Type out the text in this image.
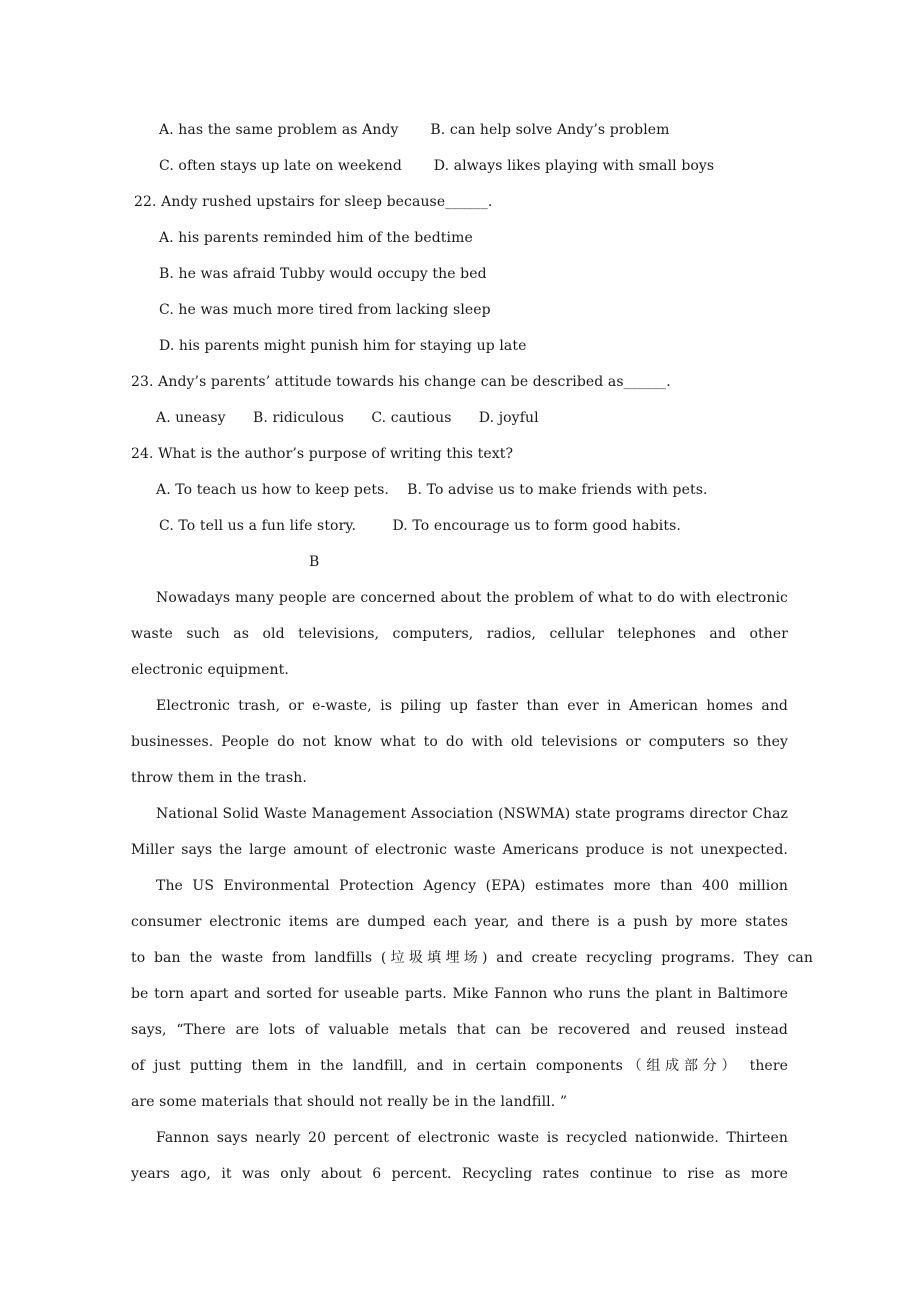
A. has the same problem as Andy       B. can help solve Andy’s problem
C. often stays up late on weekend       D. always likes playing with small boys
22. Andy rushed upstairs for sleep because______.
A. his parents reminded him of the bedtime
B. he was afraid Tubby would occupy the bed
C. he was much more tired from lacking sleep
D. his parents might punish him for staying up late
23. Andy’s parents’ attitude towards his change can be described as______.
A. uneasy      B. ridiculous      C. cautious      D. joyful
24. What is the author’s purpose of writing this text?
A. To teach us how to keep pets.    B. To advise us to make friends with pets.
C. To tell us a fun life story.        D. To encourage us to form good habits.
B
Nowadays many people are concerned about the problem of what to do with electronic
waste such as old televisions, computers, radios, cellular telephones and other
electronic equipment.
Electronic trash, or e-waste, is piling up faster than ever in American homes and
businesses. People do not know what to do with old televisions or computers so they
throw them in the trash.
National Solid Waste Management Association (NSWMA) state programs director Chaz
Miller says the large amount of electronic waste Americans produce is not unexpected.
The US Environmental Protection Agency (EPA) estimates more than 400 million
consumer electronic items are dumped each year, and there is a push by more states
to ban the waste from landfills (垃圾填埋场) and create recycling programs. They can
be torn apart and sorted for useable parts. Mike Fannon who runs the plant in Baltimore
says, “There are lots of valuable metals that can be recovered and reused instead
of just putting them in the landfill, and in certain components（组成部分） there
are some materials that should not really be in the landfill. ”
Fannon says nearly 20 percent of electronic waste is recycled nationwide. Thirteen
years ago, it was only about 6 percent. Recycling rates continue to rise as more
